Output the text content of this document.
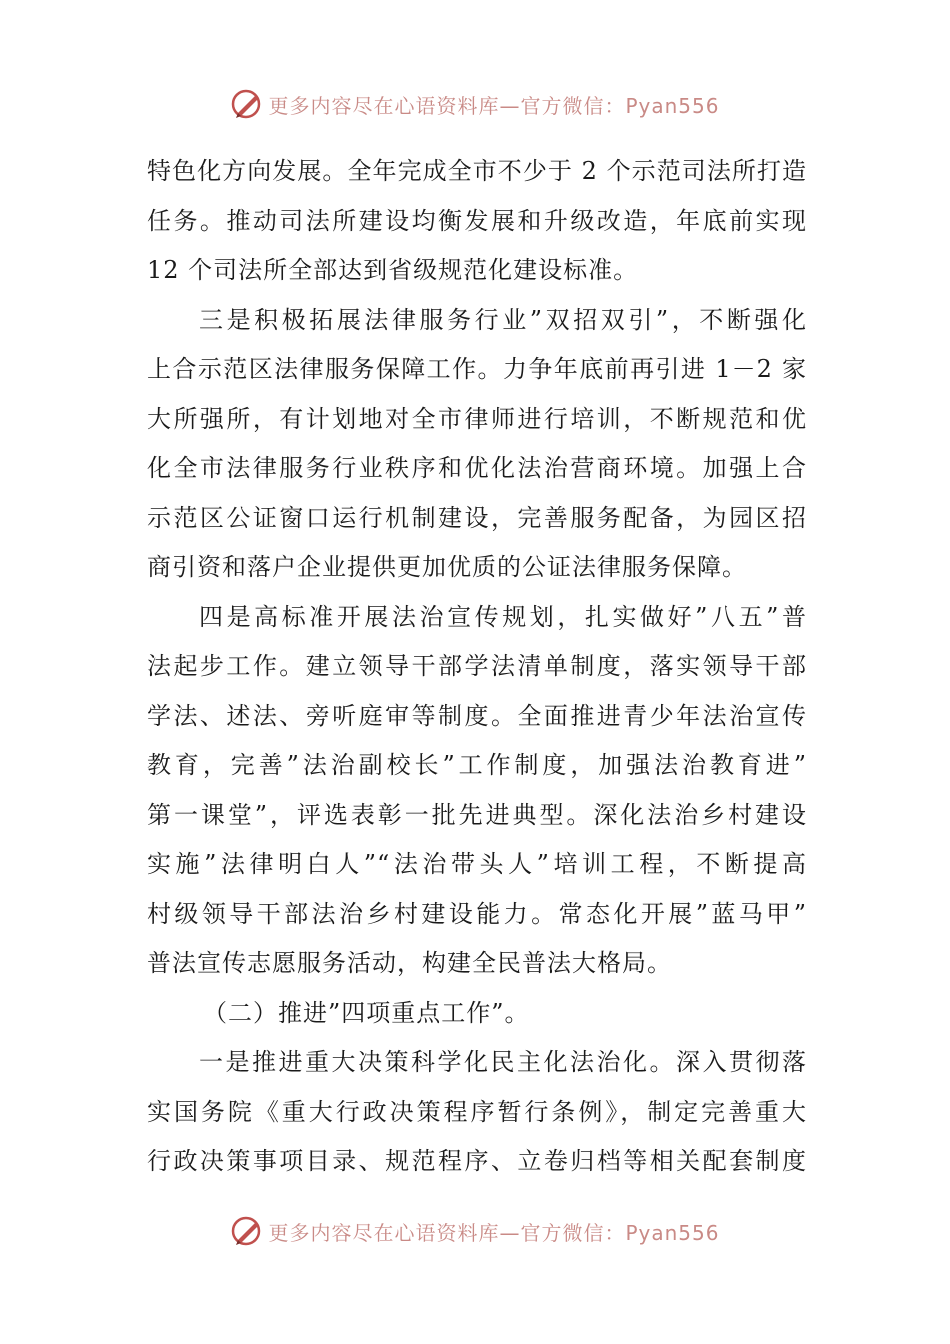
更多内容尽在心语资料库—官方微信：Pyan556
特色化方向发展。全年完成全市不少于 2 个示范司法所打造
任务。推动司法所建设均衡发展和升级改造，年底前实现
12 个司法所全部达到省级规范化建设标准。
三是积极拓展法律服务行业”双招双引”，不断强化
上合示范区法律服务保障工作。力争年底前再引进 1－2 家
大所强所，有计划地对全市律师进行培训，不断规范和优
化全市法律服务行业秩序和优化法治营商环境。加强上合
示范区公证窗口运行机制建设，完善服务配备，为园区招
商引资和落户企业提供更加优质的公证法律服务保障。
四是高标准开展法治宣传规划，扎实做好”八五”普
法起步工作。建立领导干部学法清单制度，落实领导干部
学法、述法、旁听庭审等制度。全面推进青少年法治宣传
教育，完善”法治副校长”工作制度，加强法治教育进”
第一课堂”，评选表彰一批先进典型。深化法治乡村建设
实施”法律明白人”“法治带头人”培训工程，不断提高
村级领导干部法治乡村建设能力。常态化开展”蓝马甲”
普法宣传志愿服务活动，构建全民普法大格局。
（二）推进”四项重点工作”。
一是推进重大决策科学化民主化法治化。深入贯彻落
实国务院《重大行政决策程序暂行条例》，制定完善重大
行政决策事项目录、规范程序、立卷归档等相关配套制度
更多内容尽在心语资料库—官方微信：Pyan556
